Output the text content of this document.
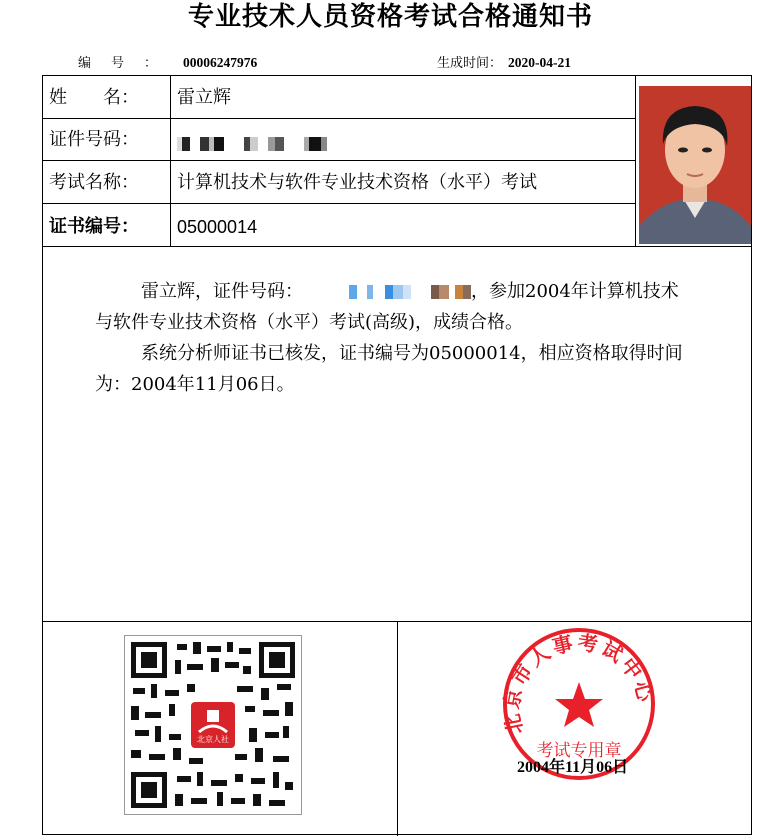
专业技术人员资格考试合格通知书
编号： 00006247976	生成时间： 2020-04-21
姓　　名： 雷立辉
证件号码：
考试名称： 计算机技术与软件专业技术资格（水平）考试
证书编号： 05000014

雷立辉，证件号码：	，参加2004年计算机技术与软件专业技术资格（水平）考试(高级)，成绩合格。

系统分析师证书已核发，证书编号为05000014，相应资格取得时间为：2004年11月06日。

北京人社
北京市人事考试中心
考试专用章
2004年11月06日
